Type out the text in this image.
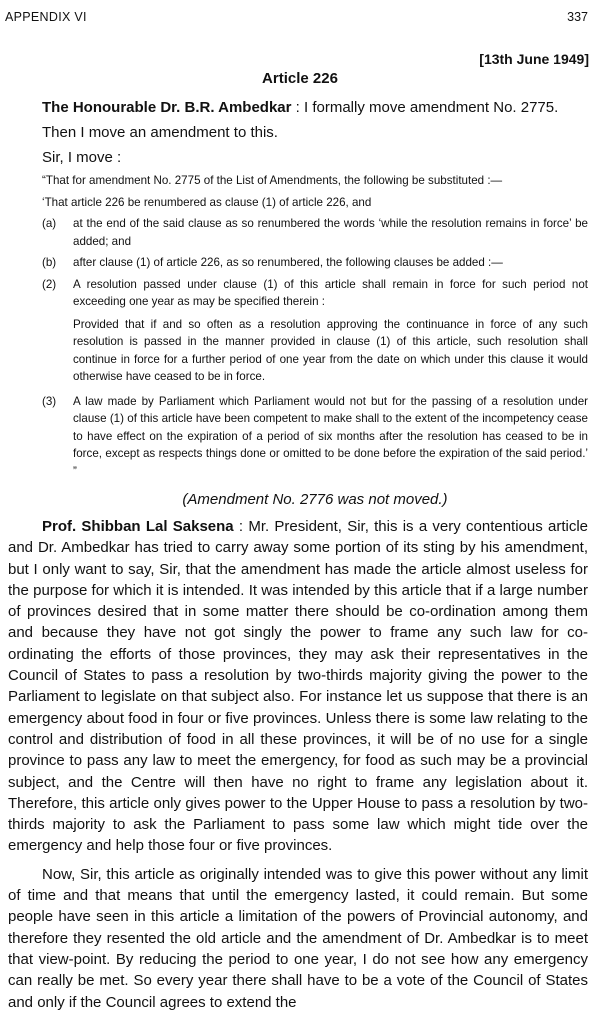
APPENDIX VI	337
[13th June 1949]
Article 226

The Honourable Dr. B.R. Ambedkar : I formally move amendment No. 2775.

Then I move an amendment to this.

Sir, I move :

“That for amendment No. 2775 of the List of Amendments, the following be substituted :—

‘That article 226 be renumbered as clause (1) of article 226, and

(a) at the end of the said clause as so renumbered the words ‘while the resolution remains in force’ be added; and
(b) after clause (1) of article 226, as so renumbered, the following clauses be added :—
(2) A resolution passed under clause (1) of this article shall remain in force for such period not exceeding one year as may be specified therein :
Provided that if and so often as a resolution approving the continuance in force of any such resolution is passed in the manner provided in clause (1) of this article, such resolution shall continue in force for a further period of one year from the date on which under this clause it would otherwise have ceased to be in force.
(3) A law made by Parliament which Parliament would not but for the passing of a resolution under clause (1) of this article have been competent to make shall to the extent of the incompetency cease to have effect on the expiration of a period of six months after the resolution has ceased to be in force, except as respects things done or omitted to be done before the expiration of the said period.’ ”

(Amendment No. 2776 was not moved.)

Prof. Shibban Lal Saksena : Mr. President, Sir, this is a very contentious article and Dr. Ambedkar has tried to carry away some portion of its sting by his amendment, but I only want to say, Sir, that the amendment has made the article almost useless for the purpose for which it is intended. It was intended by this article that if a large number of provinces desired that in some matter there should be co-ordination among them and because they have not got singly the power to frame any such law for co-ordinating the efforts of those provinces, they may ask their representatives in the Council of States to pass a resolution by two-thirds majority giving the power to the Parliament to legislate on that subject also. For instance let us suppose that there is an emergency about food in four or five provinces. Unless there is some law relating to the control and distribution of food in all these provinces, it will be of no use for a single province to pass any law to meet the emergency, for food as such may be a provincial subject, and the Centre will then have no right to frame any legislation about it. Therefore, this article only gives power to the Upper House to pass a resolution by two-thirds majority to ask the Parliament to pass some law which might tide over the emergency and help those four or five provinces.

Now, Sir, this article as originally intended was to give this power without any limit of time and that means that until the emergency lasted, it could remain. But some people have seen in this article a limitation of the powers of Provincial autonomy, and therefore they resented the old article and the amendment of Dr. Ambedkar is to meet that view-point. By reducing the period to one year, I do not see how any emergency can really be met. So every year there shall have to be a vote of the Council of States and only if the Council agrees to extend the
